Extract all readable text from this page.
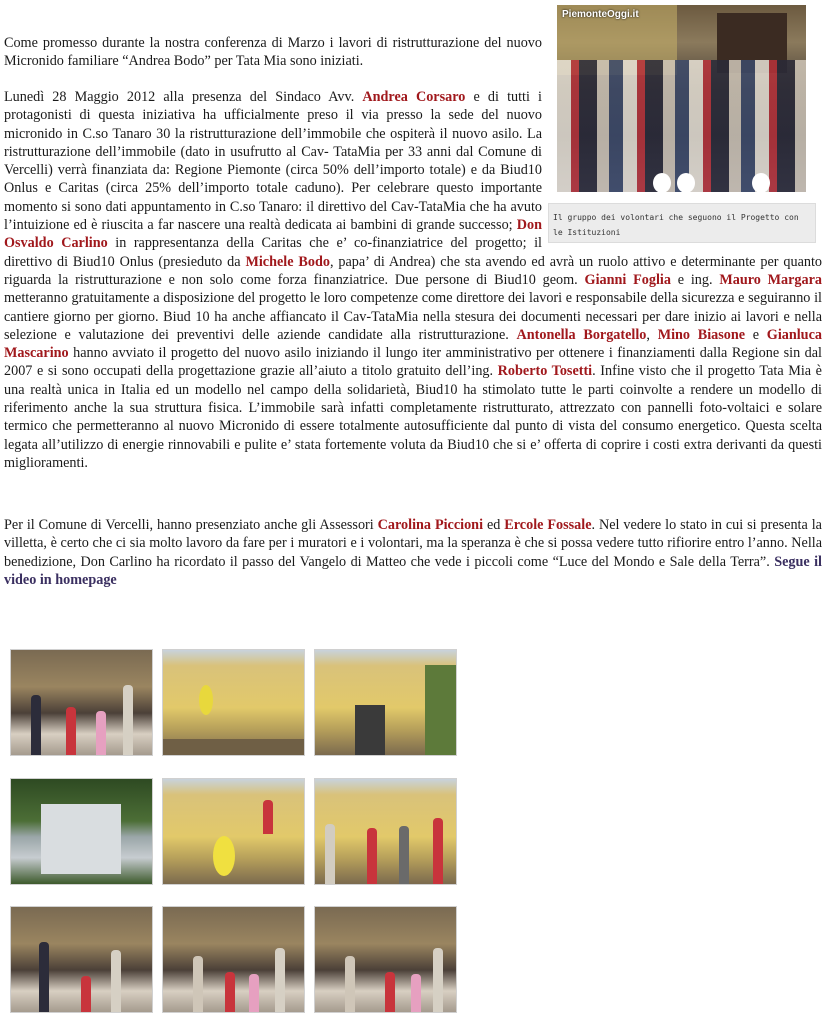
Come promesso durante la nostra conferenza di Marzo i lavori di ristrutturazione del nuovo Micronido familiare “Andrea Bodo” per Tata Mia sono iniziati.

Lunedì 28 Maggio 2012 alla presenza del Sindaco Avv. Andrea Corsaro e di tutti i protagonisti di questa iniziativa ha ufficialmente preso il via presso la sede del nuovo micronido in C.so Tanaro 30 la ristrutturazione dell’immobile che ospiterà il nuovo asilo. La ristrutturazione dell’immobile (dato in usufrutto al Cav- TataMia per 33 anni dal Comune di Vercelli) verrà finanziata da: Regione Piemonte (circa 50% dell’importo totale) e da Biud10 Onlus e Caritas (circa 25% dell’importo totale caduno). Per celebrare questo importante momento si sono dati appuntamento in C.so Tanaro: il direttivo del Cav-TataMia che ha avuto l’intuizione ed è riuscita a far nascere una realtà dedicata ai bambini di grande successo; Don Osvaldo Carlino in rappresentanza della Caritas che e’ co-finanziatrice del progetto; il direttivo di Biud10 Onlus (presieduto da Michele Bodo, papa’ di Andrea) che sta avendo ed avrà un ruolo attivo e determinante per quanto riguarda la ristrutturazione e non solo come forza finanziatrice. Due persone di Biud10 geom. Gianni Foglia e ing. Mauro Margara metteranno gratuitamente a disposizione del progetto le loro competenze come direttore dei lavori e responsabile della sicurezza e seguiranno il cantiere giorno per giorno. Biud 10 ha anche affiancato il Cav-TataMia nella stesura dei documenti necessari per dare inizio ai lavori e nella selezione e valutazione dei preventivi delle aziende candidate alla ristrutturazione. Antonella Borgatello, Mino Biasone e Gianluca Mascarino hanno avviato il progetto del nuovo asilo iniziando il lungo iter amministrativo per ottenere i finanziamenti dalla Regione sin dal 2007 e si sono occupati della progettazione grazie all’aiuto a titolo gratuito dell’ing. Roberto Tosetti. Infine visto che il progetto Tata Mia è una realtà unica in Italia ed un modello nel campo della solidarietà, Biud10 ha stimolato tutte le parti coinvolte a rendere un modello di riferimento anche la sua struttura fisica. L’immobile sarà infatti completamente ristrutturato, attrezzato con pannelli foto-voltaici e solare termico che permetteranno al nuovo Micronido di essere totalmente autosufficiente dal punto di vista del consumo energetico. Questa scelta legata all’utilizzo di energie rinnovabili e pulite e’ stata fortemente voluta da Biud10 che si e’ offerta di coprire i costi extra derivanti da questi miglioramenti.

Per il Comune di Vercelli, hanno presenziato anche gli Assessori Carolina Piccioni ed Ercole Fossale. Nel vedere lo stato in cui si presenta la villetta, è certo che ci sia molto lavoro da fare per i muratori e i volontari, ma la speranza è che si possa vedere tutto rifiorire entro l’anno. Nella benedizione, Don Carlino ha ricordato il passo del Vangelo di Matteo che vede i piccoli come “Luce del Mondo e Sale della Terra”. Segue il video in homepage

PiemonteOggi.it
Il gruppo dei volontari che seguono il Progetto con le Istituzioni
